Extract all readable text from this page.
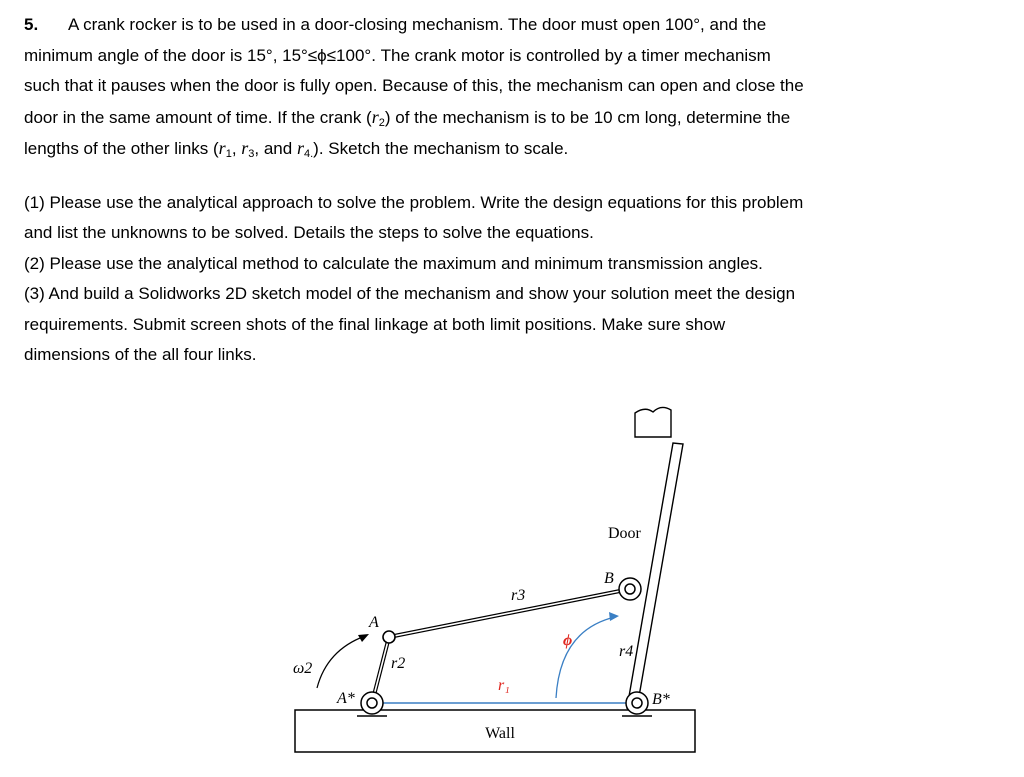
5. A crank rocker is to be used in a door-closing mechanism. The door must open 100°, and the
minimum angle of the door is 15°, 15°≤ϕ≤100°. The crank motor is controlled by a timer mechanism
such that it pauses when the door is fully open. Because of this, the mechanism can open and close the
door in the same amount of time. If the crank $(r_2)$ of the mechanism is to be 10 cm long, determine the
lengths of the other links ($r_1$, $r_3$, and $r_{4.}$). Sketch the mechanism to scale.

(1) Please use the analytical approach to solve the problem. Write the design equations for this problem
and list the unknowns to be solved. Details the steps to solve the equations.
(2) Please use the analytical method to calculate the maximum and minimum transmission angles.
(3) And build a Solidworks 2D sketch model of the mechanism and show your solution meet the design
requirements. Submit screen shots of the final linkage at both limit positions. Make sure show
dimensions of the all four links.

Wall
Door
ω2
A
A*
B
B*
r₁
r2
r3
r4
ϕ
